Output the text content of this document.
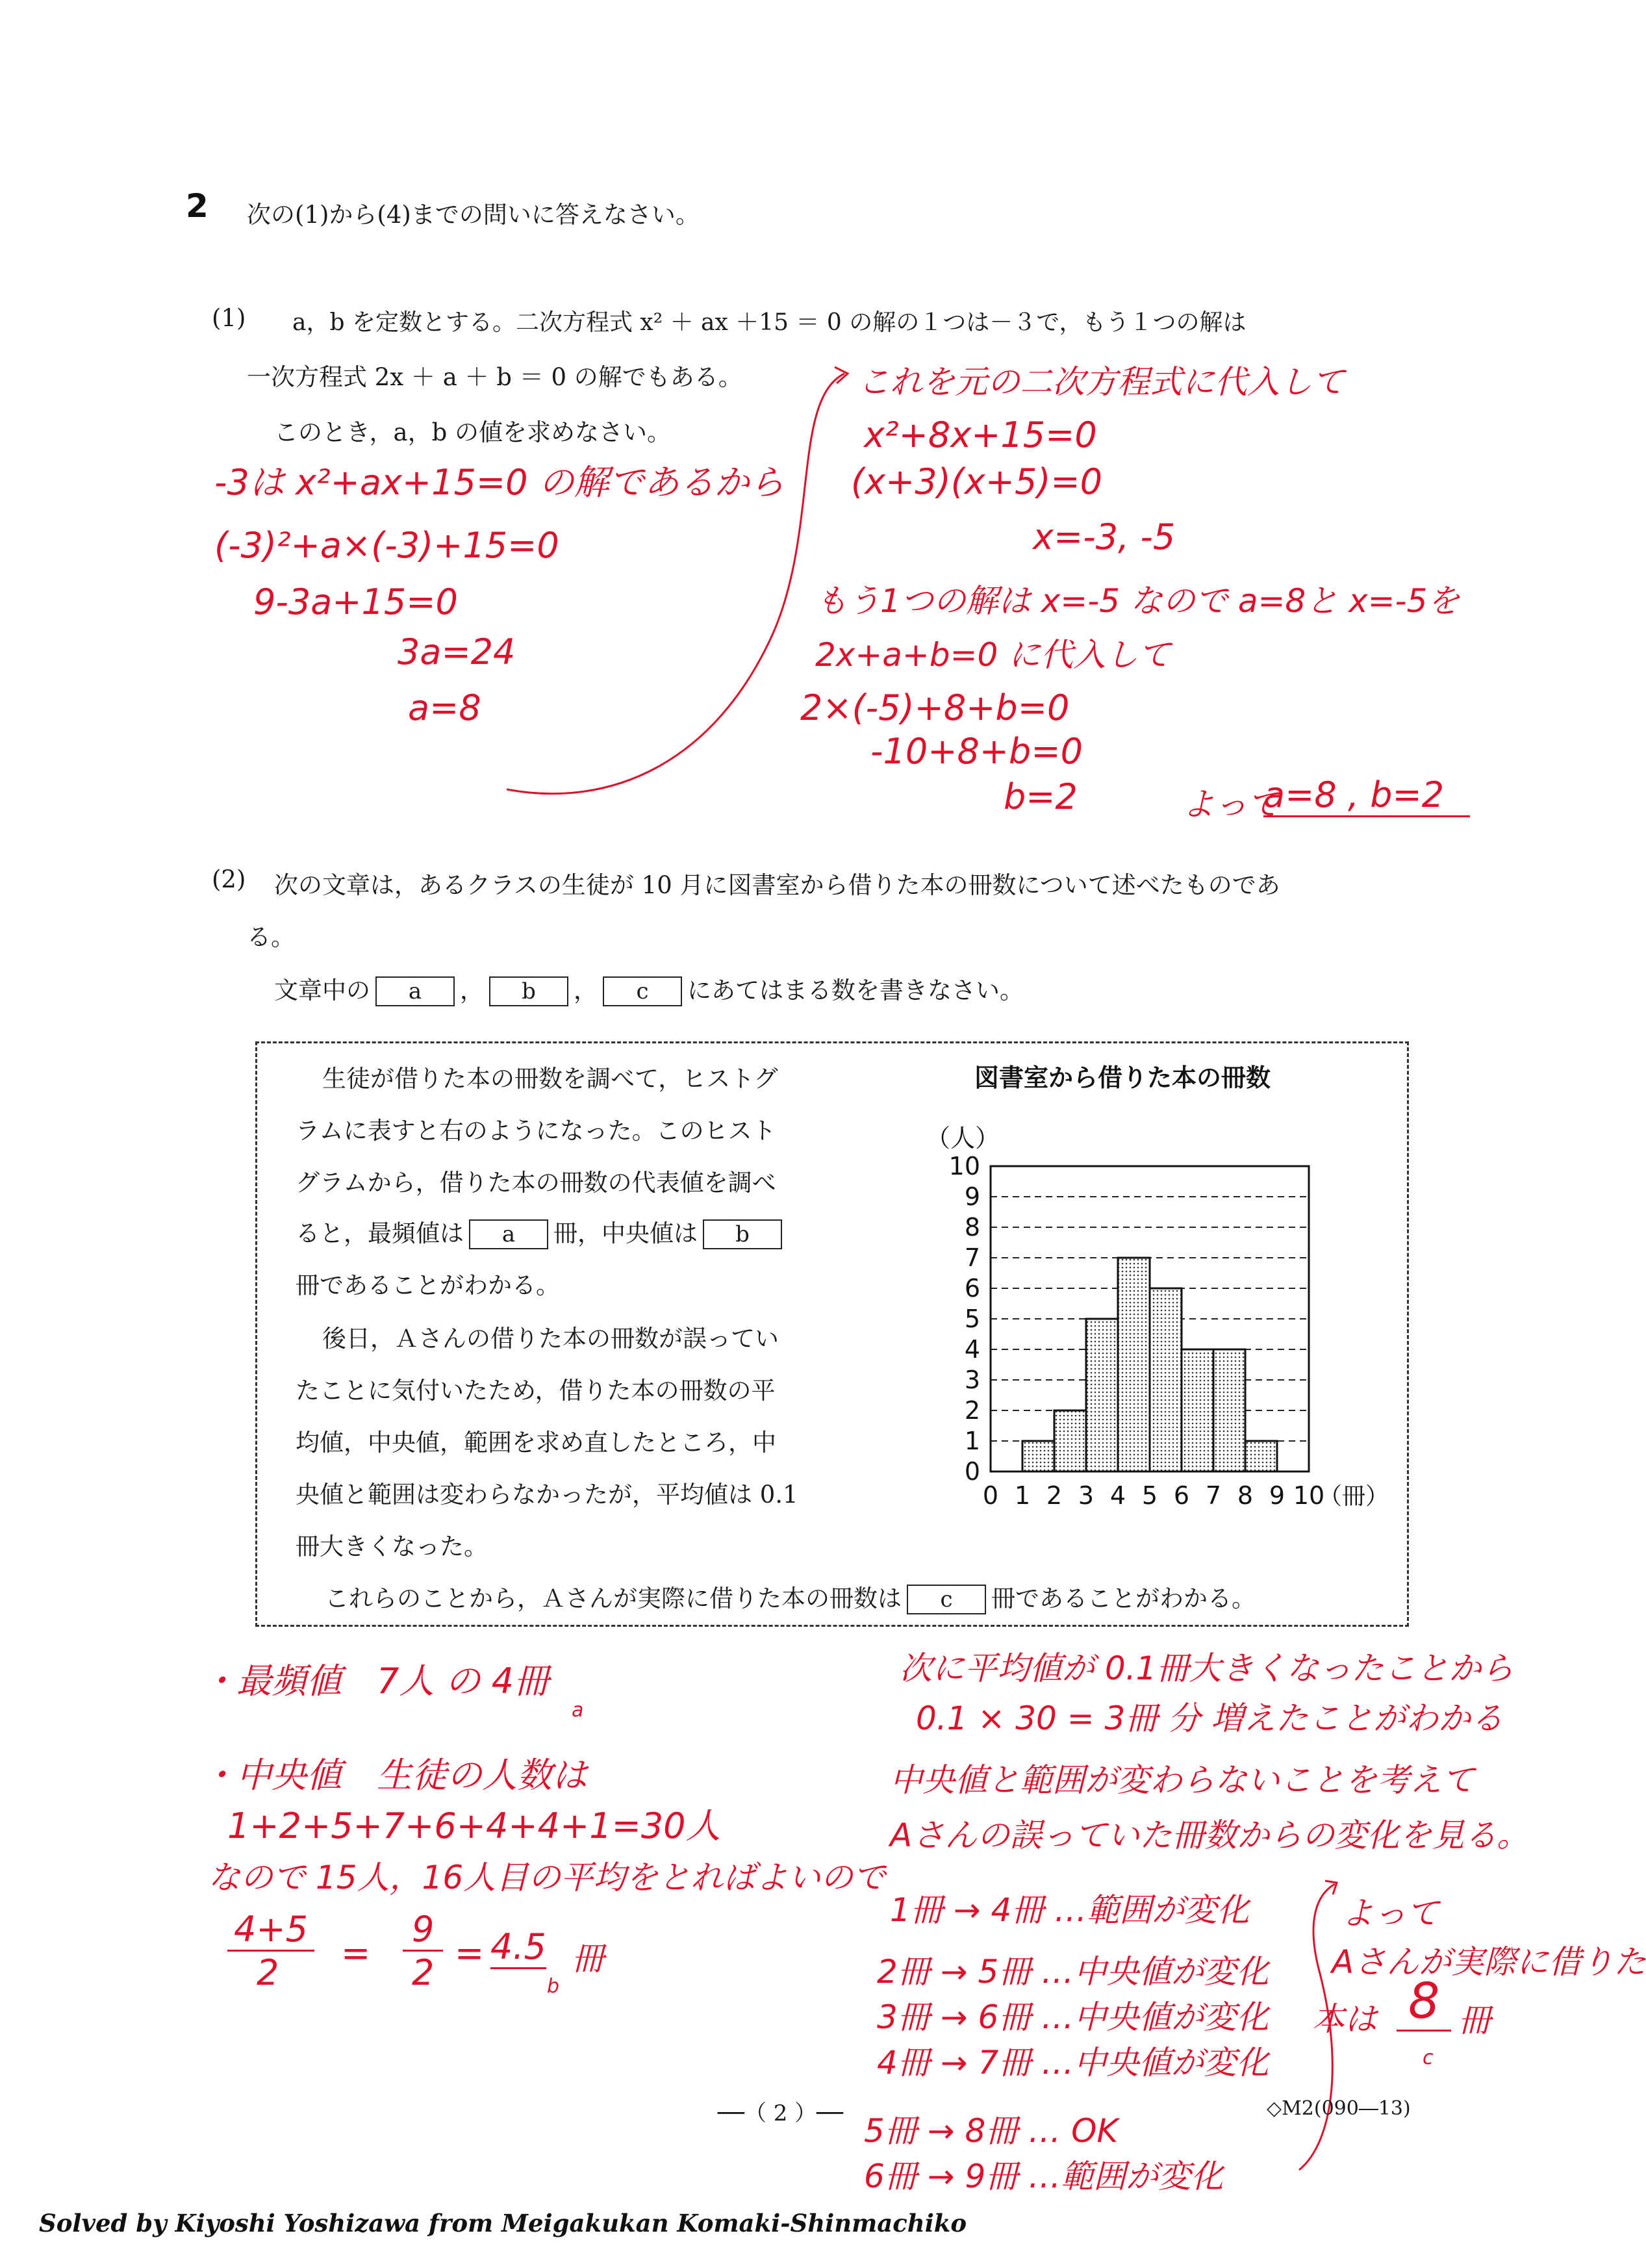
2 次の(1)から(4)までの問いに答えなさい。
(1) a，b を定数とする。二次方程式 x² ＋ ax ＋15 ＝ 0 の解の１つは－３で，もう１つの解は
一次方程式 2x ＋ a ＋ b ＝ 0 の解でもある。
このとき，a，b の値を求めなさい。
-3は x²+ax+15=0 の解であるから
(-3)²+a×(-3)+15=0
9-3a+15=0
3a=24
a=8
これを元の二次方程式に代入して
x²+8x+15=0
(x+3)(x+5)=0
x=-3, -5
もう1つの解は x=-5 なので a=8と x=-5を
2x+a+b=0 に代入して
2×(-5)+8+b=0
-10+8+b=0
b=2	よって
a=8 , b=2
(2) 次の文章は，あるクラスの生徒が 10 月に図書室から借りた本の冊数について述べたものであ
る。
文章中の a ， b ， c にあてはまる数を書きなさい。
生徒が借りた本の冊数を調べて，ヒストグ
ラムに表すと右のようになった。このヒスト
グラムから，借りた本の冊数の代表値を調べ
ると，最頻値は a 冊，中央値は b
冊であることがわかる。
後日，Ａさんの借りた本の冊数が誤ってい
たことに気付いたため，借りた本の冊数の平
均値，中央値，範囲を求め直したところ，中
央値と範囲は変わらなかったが，平均値は 0.1
冊大きくなった。
これらのことから，Ａさんが実際に借りた本の冊数は c 冊であることがわかる。
図書室から借りた本の冊数
0
1
2
3
4
5
6
7
8
9
10
0 1 2 3 4 5 6 7 8 9 10
（人）
（冊）
・最頻値　7人 の 4冊
a
・中央値　生徒の人数は
1+2+5+7+6+4+4+1=30人
なので 15人，16人目の平均をとればよいので
4+5
2 =
9
2 = 4.5 冊
b
次に平均値が 0.1冊大きくなったことから
0.1 × 30 = 3冊 分 増えたことがわかる
中央値と範囲が変わらないことを考えて
Aさんの誤っていた冊数からの変化を見る。
1冊 → 4冊 …範囲が変化
2冊 → 5冊 …中央値が変化
3冊 → 6冊 …中央値が変化
4冊 → 7冊 …中央値が変化
5冊 → 8冊 … OK
6冊 → 9冊 …範囲が変化
よって
Aさんが実際に借りた
本は 8 冊
c
──（ 2 ）──	◇M2(090―13)
Solved by Kiyoshi Yoshizawa from Meigakukan Komaki-Shinmachiko
